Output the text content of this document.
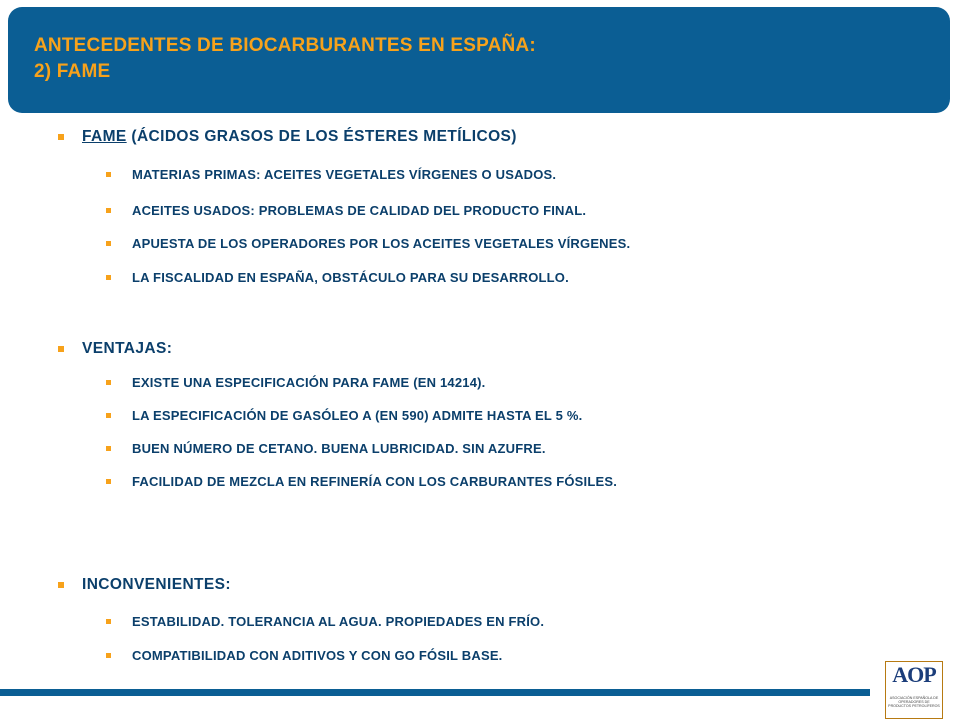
ANTECEDENTES DE BIOCARBURANTES EN ESPAÑA:
2) FAME
FAME (ÁCIDOS GRASOS DE LOS ÉSTERES METÍLICOS)
MATERIAS PRIMAS: ACEITES VEGETALES VÍRGENES O USADOS.
ACEITES USADOS: PROBLEMAS DE CALIDAD DEL PRODUCTO FINAL.
APUESTA DE LOS OPERADORES POR LOS ACEITES VEGETALES VÍRGENES.
LA FISCALIDAD EN ESPAÑA, OBSTÁCULO PARA SU DESARROLLO.
VENTAJAS:
EXISTE UNA ESPECIFICACIÓN PARA FAME (EN 14214).
LA ESPECIFICACIÓN DE GASÓLEO A (EN 590) ADMITE HASTA EL 5 %.
BUEN NÚMERO DE CETANO. BUENA LUBRICIDAD. SIN AZUFRE.
FACILIDAD DE MEZCLA EN REFINERÍA CON LOS CARBURANTES FÓSILES.
INCONVENIENTES:
ESTABILIDAD. TOLERANCIA AL AGUA. PROPIEDADES EN FRÍO.
COMPATIBILIDAD CON ADITIVOS Y CON GO FÓSIL BASE.
AOP
ASOCIACIÓN ESPAÑOLA DE OPERADORES DE PRODUCTOS PETROLÍFEROS
